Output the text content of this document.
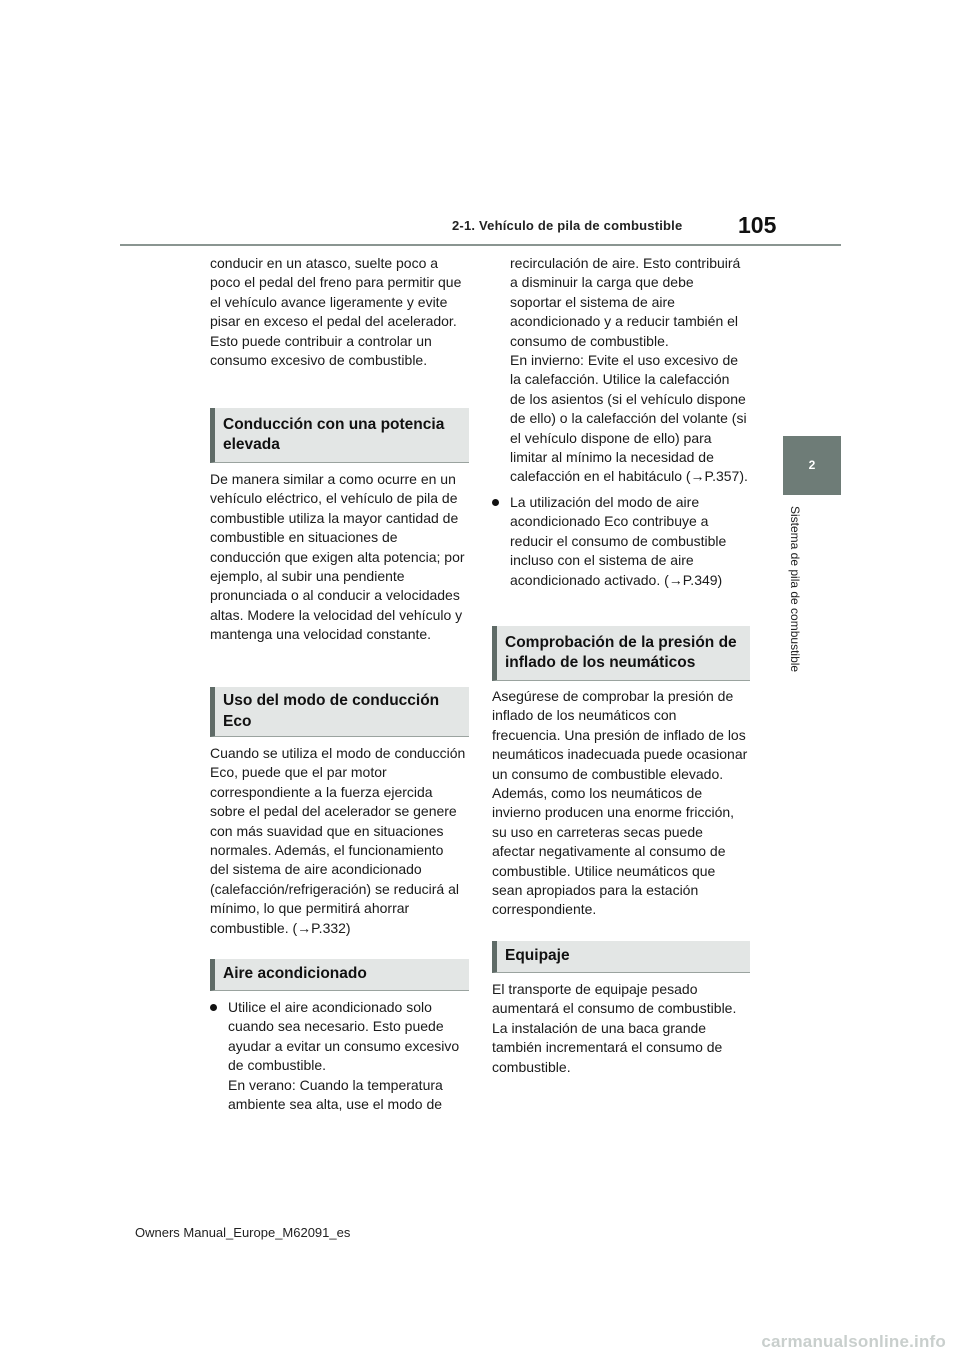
2-1. Vehículo de pila de combustible 105
2
Sistema de pila de combustible

conducir en un atasco, suelte poco a poco el pedal del freno para permitir que el vehículo avance ligeramente y evite pisar en exceso el pedal del acelerador. Esto puede contribuir a controlar un consumo excesivo de combustible.

Conducción con una potencia elevada

De manera similar a como ocurre en un vehículo eléctrico, el vehículo de pila de combustible utiliza la mayor cantidad de combustible en situaciones de conducción que exigen alta potencia; por ejemplo, al subir una pendiente pronunciada o al conducir a velocidades altas. Modere la velocidad del vehículo y mantenga una velocidad constante.

Uso del modo de conducción Eco

Cuando se utiliza el modo de conducción Eco, puede que el par motor correspondiente a la fuerza ejercida sobre el pedal del acelerador se genere con más suavidad que en situaciones normales. Además, el funcionamiento del sistema de aire acondicionado (calefacción/refrigeración) se reducirá al mínimo, lo que permitirá ahorrar combustible. (→P.332)

Aire acondicionado

Utilice el aire acondicionado solo cuando sea necesario. Esto puede ayudar a evitar un consumo excesivo de combustible.
En verano: Cuando la temperatura ambiente sea alta, use el modo de

recirculación de aire. Esto contribuirá a disminuir la carga que debe soportar el sistema de aire acondicionado y a reducir también el consumo de combustible.
En invierno: Evite el uso excesivo de la calefacción. Utilice la calefacción de los asientos (si el vehículo dispone de ello) o la calefacción del volante (si el vehículo dispone de ello) para limitar al mínimo la necesidad de calefacción en el habitáculo (→P.357).

La utilización del modo de aire acondicionado Eco contribuye a reducir el consumo de combustible incluso con el sistema de aire acondicionado activado. (→P.349)

Comprobación de la presión de inflado de los neumáticos

Asegúrese de comprobar la presión de inflado de los neumáticos con frecuencia. Una presión de inflado de los neumáticos inadecuada puede ocasionar un consumo de combustible elevado. Además, como los neumáticos de invierno producen una enorme fricción, su uso en carreteras secas puede afectar negativamente al consumo de combustible. Utilice neumáticos que sean apropiados para la estación correspondiente.

Equipaje

El transporte de equipaje pesado aumentará el consumo de combustible. La instalación de una baca grande también incrementará el consumo de combustible.

Owners Manual_Europe_M62091_es
carmanualsonline.info
